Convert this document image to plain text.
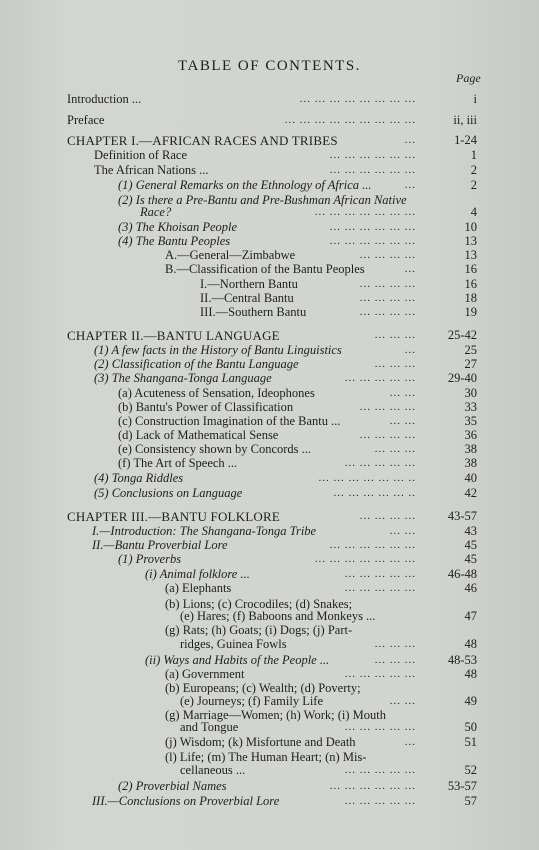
TABLE OF CONTENTS.
Page
Introduction ...	... ... ... ... ... ... ... ...	i
Preface	... ... ... ... ... ... ... ... ...	ii, iii
CHAPTER I.—AFRICAN RACES AND TRIBES	...	1-24
Definition of Race	... ... ... ... ... ...	1
The African Nations ...	... ... ... ... ... ...	2
(1) General Remarks on the Ethnology of Africa ...	...	2
(2) Is there a Pre-Bantu and Pre-Bushman African Native
Race?	... ... ... ... ... ... ...	4
(3) The Khoisan People	... ... ... ... ... ...	10
(4) The Bantu Peoples	... ... ... ... ... ...	13
A.—General—Zimbabwe	... ... ... ...	13
B.—Classification of the Bantu Peoples	...	16
I.—Northern Bantu	... ... ... ...	16
II.—Central Bantu	... ... ... ...	18
III.—Southern Bantu	... ... ... ...	19
CHAPTER II.—BANTU LANGUAGE	... ... ...	25-42
(1) A few facts in the History of Bantu Linguistics	...	25
(2) Classification of the Bantu Language	... ... ...	27
(3) The Shangana-Tonga Language	... ... ... ... ...	29-40
(a) Acuteness of Sensation, Ideophones	... ...	30
(b) Bantu's Power of Classification	... ... ... ...	33
(c) Construction Imagination of the Bantu ...	... ...	35
(d) Lack of Mathematical Sense	... ... ... ...	36
(e) Consistency shown by Concords ...	... ... ...	38
(f) The Art of Speech ...	... ... ... ... ...	38
(4) Tonga Riddles	.. ... ... ... ... ... ...	40
(5) Conclusions on Language	.. ... ... ... ... ...	42
CHAPTER III.—BANTU FOLKLORE	... ... ... ...	43-57
I.—Introduction: The Shangana-Tonga Tribe	... ...	43
II.—Bantu Proverbial Lore	... ... ... ... ... ...	45
(1) Proverbs	... ... ... ... ... ... ...	45
(i) Animal folklore ...	... ... ... ... ...	46-48
(a) Elephants	... ... ... ... ...	46
(b) Lions; (c) Crocodiles; (d) Snakes;
(e) Hares; (f) Baboons and Monkeys ...	47
(g) Rats; (h) Goats; (i) Dogs; (j) Part-
ridges, Guinea Fowls	... ... ...	48
(ii) Ways and Habits of the People ...	... ... ...	48-53
(a) Government	... ... ... ... ...	48
(b) Europeans; (c) Wealth; (d) Poverty;
(e) Journeys; (f) Family Life	... ...	49
(g) Marriage—Women; (h) Work; (i) Mouth
and Tongue	... ... ... ... ...	50
(j) Wisdom; (k) Misfortune and Death	...	51
(l) Life; (m) The Human Heart; (n) Mis-
cellaneous ...	... ... ... ... ...	52
(2) Proverbial Names	... ... ... ... ... ...	53-57
III.—Conclusions on Proverbial Lore	... ... ... ... ...	57
